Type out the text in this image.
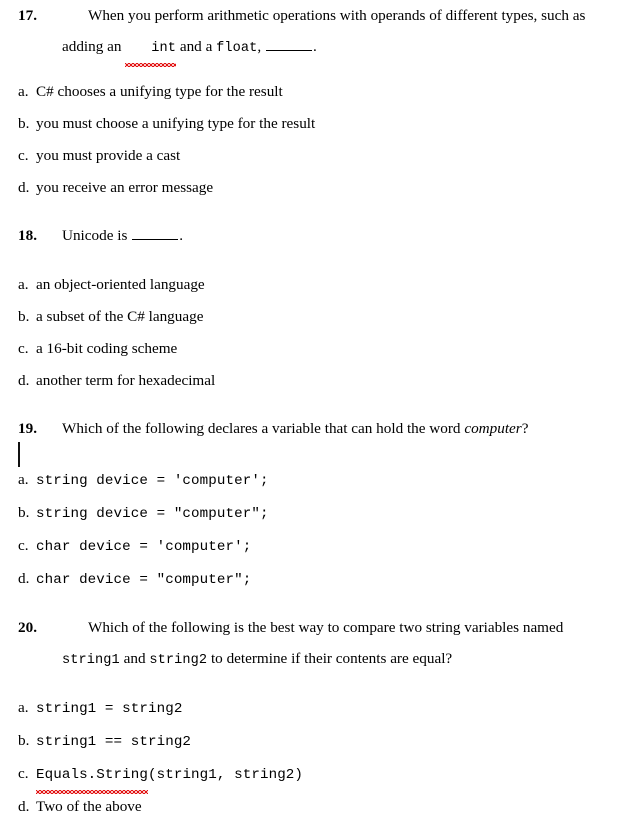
17.	When you perform arithmetic operations with operands of different types, such as adding an int and a float,	.
a. C# chooses a unifying type for the result
b. you must choose a unifying type for the result
c. you must provide a cast
d. you receive an error message
18. Unicode is	.
a. an object-oriented language
b. a subset of the C# language
c. a 16-bit coding scheme
d. another term for hexadecimal
19. Which of the following declares a variable that can hold the word computer?
a. string device = 'computer';
b. string device = "computer";
c. char device = 'computer';
d. char device = "computer";
20.	Which of the following is the best way to compare two string variables named string1 and string2 to determine if their contents are equal?
a. string1 = string2
b. string1 == string2
c. Equals.String(string1, string2)
d. Two of the above
